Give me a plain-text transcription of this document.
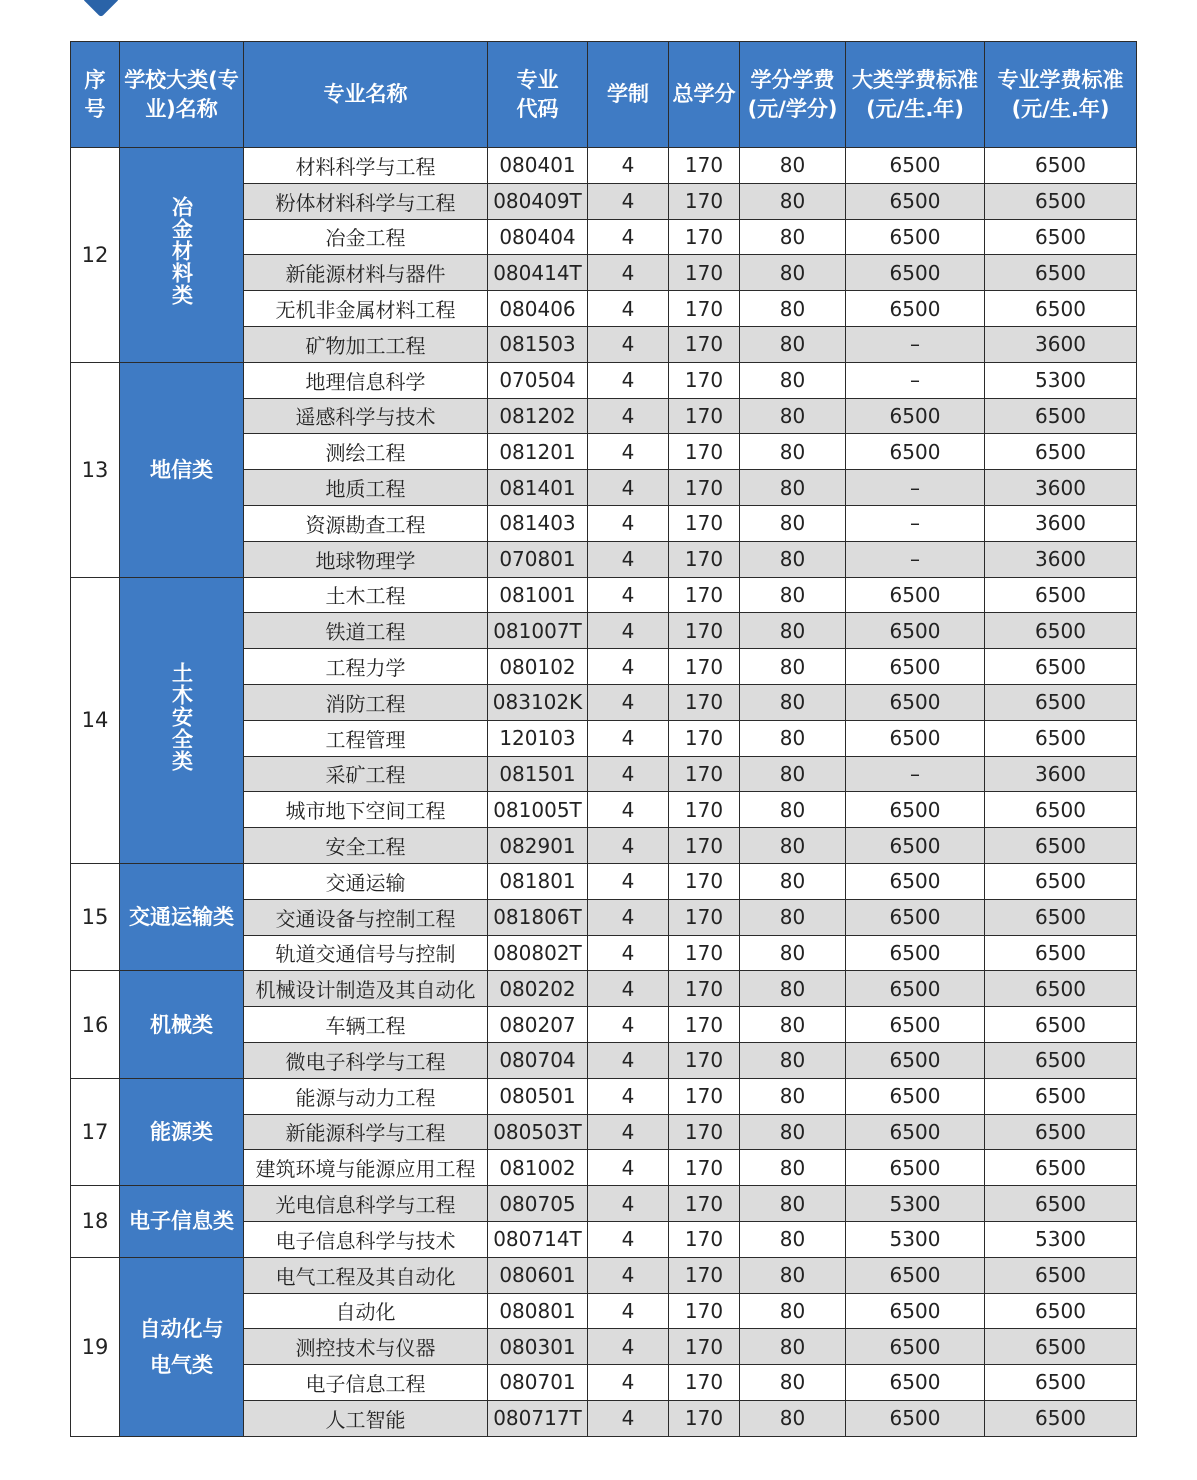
序号	学校大类(专业)名称	专业名称	专业代码	学制	总学分	学分学费(元/学分)	大类学费标准(元/生.年)	专业学费标准(元/生.年)
12	冶金材料类	材料科学与工程	080401	4	170	80	6500	6500
		粉体材料科学与工程	080409T	4	170	80	6500	6500
		冶金工程	080404	4	170	80	6500	6500
		新能源材料与器件	080414T	4	170	80	6500	6500
		无机非金属材料工程	080406	4	170	80	6500	6500
		矿物加工工程	081503	4	170	80	–	3600
13	地信类	地理信息科学	070504	4	170	80	–	5300
		遥感科学与技术	081202	4	170	80	6500	6500
		测绘工程	081201	4	170	80	6500	6500
		地质工程	081401	4	170	80	–	3600
		资源勘查工程	081403	4	170	80	–	3600
		地球物理学	070801	4	170	80	–	3600
14	土木安全类	土木工程	081001	4	170	80	6500	6500
		铁道工程	081007T	4	170	80	6500	6500
		工程力学	080102	4	170	80	6500	6500
		消防工程	083102K	4	170	80	6500	6500
		工程管理	120103	4	170	80	6500	6500
		采矿工程	081501	4	170	80	–	3600
		城市地下空间工程	081005T	4	170	80	6500	6500
		安全工程	082901	4	170	80	6500	6500
15	交通运输类	交通运输	081801	4	170	80	6500	6500
		交通设备与控制工程	081806T	4	170	80	6500	6500
		轨道交通信号与控制	080802T	4	170	80	6500	6500
16	机械类	机械设计制造及其自动化	080202	4	170	80	6500	6500
		车辆工程	080207	4	170	80	6500	6500
		微电子科学与工程	080704	4	170	80	6500	6500
17	能源类	能源与动力工程	080501	4	170	80	6500	6500
		新能源科学与工程	080503T	4	170	80	6500	6500
		建筑环境与能源应用工程	081002	4	170	80	6500	6500
18	电子信息类	光电信息科学与工程	080705	4	170	80	5300	6500
		电子信息科学与技术	080714T	4	170	80	5300	5300
19	自动化与电气类	电气工程及其自动化	080601	4	170	80	6500	6500
		自动化	080801	4	170	80	6500	6500
		测控技术与仪器	080301	4	170	80	6500	6500
		电子信息工程	080701	4	170	80	6500	6500
		人工智能	080717T	4	170	80	6500	6500
